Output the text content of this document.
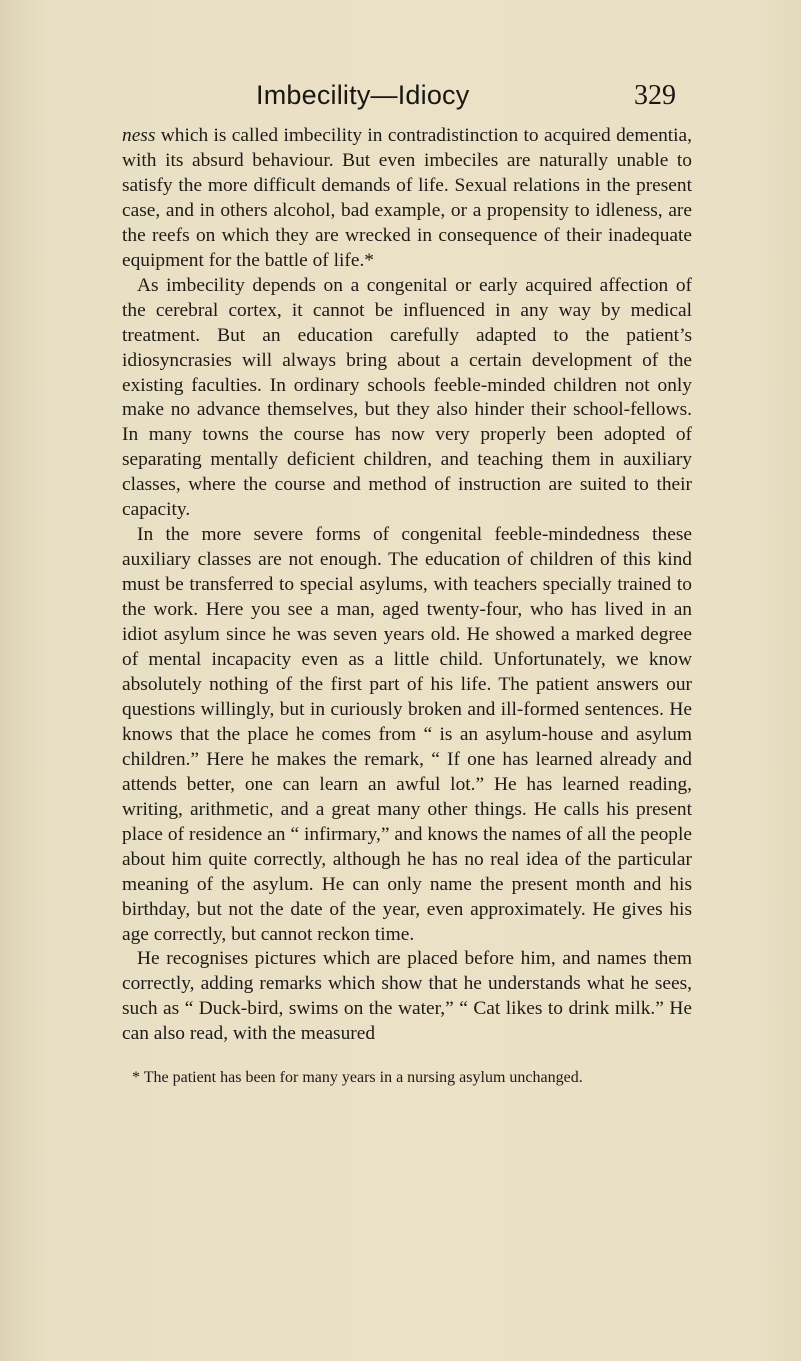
Imbecility—Idiocy	329

ness which is called imbecility in contradistinction to acquired dementia, with its absurd behaviour. But even imbeciles are naturally unable to satisfy the more difficult demands of life. Sexual relations in the present case, and in others alcohol, bad example, or a propensity to idleness, are the reefs on which they are wrecked in consequence of their inadequate equipment for the battle of life.*

As imbecility depends on a congenital or early acquired affection of the cerebral cortex, it cannot be influenced in any way by medical treatment. But an education carefully adapted to the patient’s idiosyncrasies will always bring about a certain development of the existing faculties. In ordinary schools feeble-minded children not only make no advance themselves, but they also hinder their school-fellows. In many towns the course has now very properly been adopted of separating mentally deficient children, and teaching them in auxiliary classes, where the course and method of instruction are suited to their capacity.

In the more severe forms of congenital feeble-mindedness these auxiliary classes are not enough. The education of children of this kind must be transferred to special asylums, with teachers specially trained to the work. Here you see a man, aged twenty-four, who has lived in an idiot asylum since he was seven years old. He showed a marked degree of mental incapacity even as a little child. Unfortunately, we know absolutely nothing of the first part of his life. The patient answers our questions willingly, but in curiously broken and ill-formed sentences. He knows that the place he comes from “ is an asylum-house and asylum children.” Here he makes the remark, “ If one has learned already and attends better, one can learn an awful lot.” He has learned reading, writing, arithmetic, and a great many other things. He calls his present place of residence an “ infirmary,” and knows the names of all the people about him quite correctly, although he has no real idea of the particular meaning of the asylum. He can only name the present month and his birthday, but not the date of the year, even approximately. He gives his age correctly, but cannot reckon time.

He recognises pictures which are placed before him, and names them correctly, adding remarks which show that he understands what he sees, such as “ Duck-bird, swims on the water,” “ Cat likes to drink milk.” He can also read, with the measured

* The patient has been for many years in a nursing asylum unchanged.
